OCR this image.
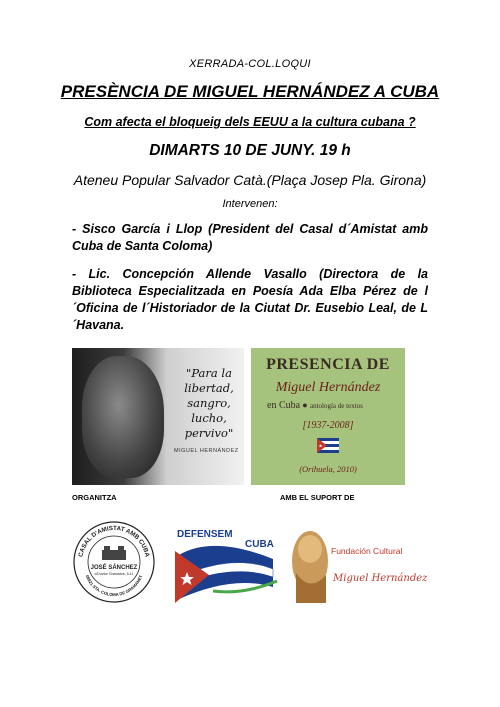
XERRADA-COL.LOQUI
PRESÈNCIA DE MIGUEL HERNÁNDEZ A CUBA
Com afecta el bloqueig dels EEUU a la cultura cubana ?
DIMARTS 10 DE JUNY. 19 h
Ateneu Popular Salvador Catà.(Plaça Josep Pla. Girona)
Intervenen:
- Sisco García i Llop (President del Casal d´Amistat amb Cuba de Santa Coloma)
- Lic. Concepción Allende Vasallo (Directora de la Biblioteca Especialitzada en Poesía Ada Elba Pérez de l´Oficina de l´Historiador de la Ciutat Dr. Eusebio Leal, de L´Havana.
"Para la
libertad,
sangro,
lucho,
pervivo"
MIGUEL HERNÁNDEZ
PRESENCIA DE
Miguel Hernández
en Cuba ● antología de textos
[1937-2008]
(Orihuela, 2010)
ORGANITZA	AMB EL SUPORT DE
CASAL D'AMISTAT AMB CUBA
08921 STA. COLOMA DE GRAMANET
JOSÉ SÁNCHEZ
c/Doctor Granados, 5-11
DEFENSEM
CUBA
Fundación Cultural
Miguel Hernández
